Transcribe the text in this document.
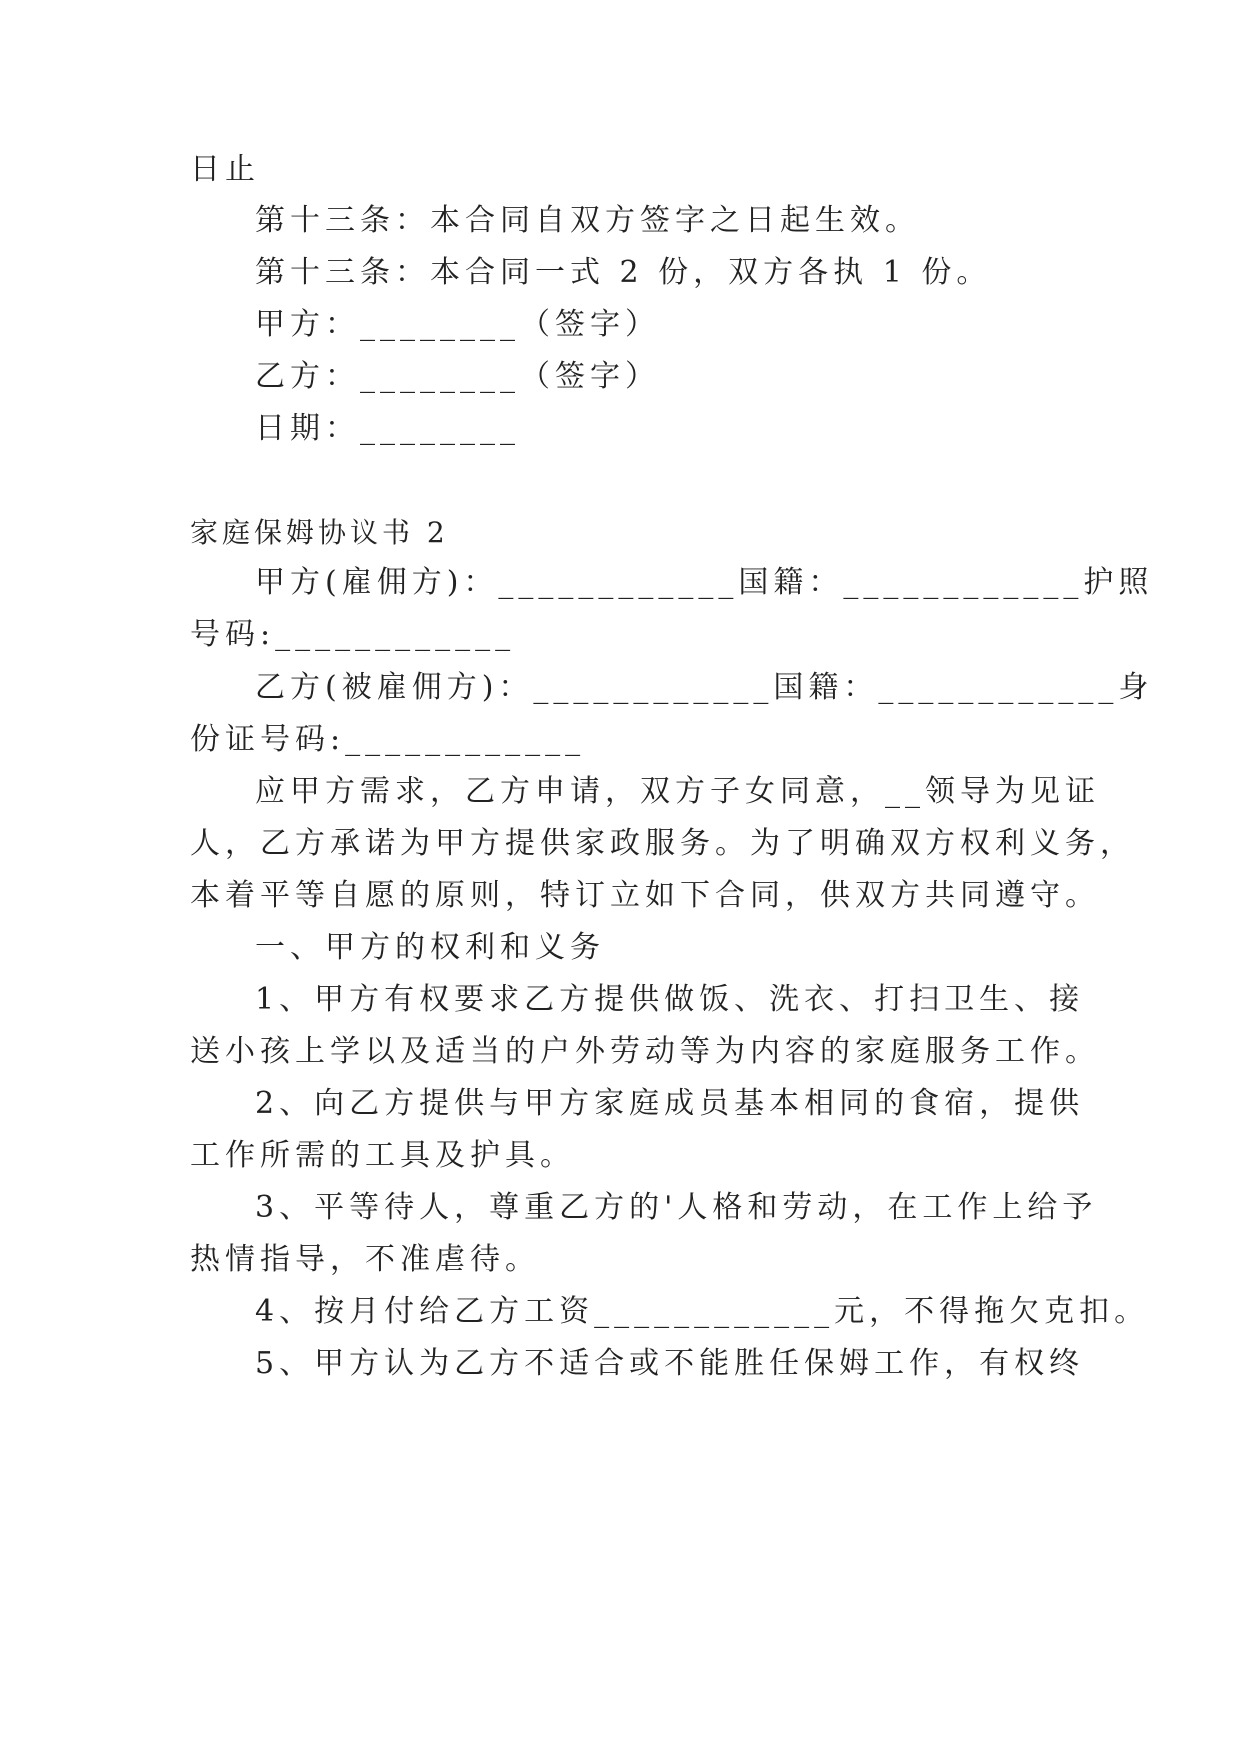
日止

第十三条：本合同自双方签字之日起生效。

第十三条：本合同一式 2 份，双方各执 1 份。

甲方：________（签字）

乙方：________（签字）

日期：________

家庭保姆协议书 2

甲方(雇佣方)：____________国籍：____________护照

号码:____________

乙方(被雇佣方)：____________国籍：____________身

份证号码:____________

应甲方需求，乙方申请，双方子女同意，__领导为见证

人，乙方承诺为甲方提供家政服务。为了明确双方权利义务，

本着平等自愿的原则，特订立如下合同，供双方共同遵守。

一、甲方的权利和义务

1、甲方有权要求乙方提供做饭、洗衣、打扫卫生、接

送小孩上学以及适当的户外劳动等为内容的家庭服务工作。

2、向乙方提供与甲方家庭成员基本相同的食宿，提供

工作所需的工具及护具。

3、平等待人，尊重乙方的'人格和劳动，在工作上给予

热情指导，不准虐待。

4、按月付给乙方工资____________元，不得拖欠克扣。

5、甲方认为乙方不适合或不能胜任保姆工作，有权终
